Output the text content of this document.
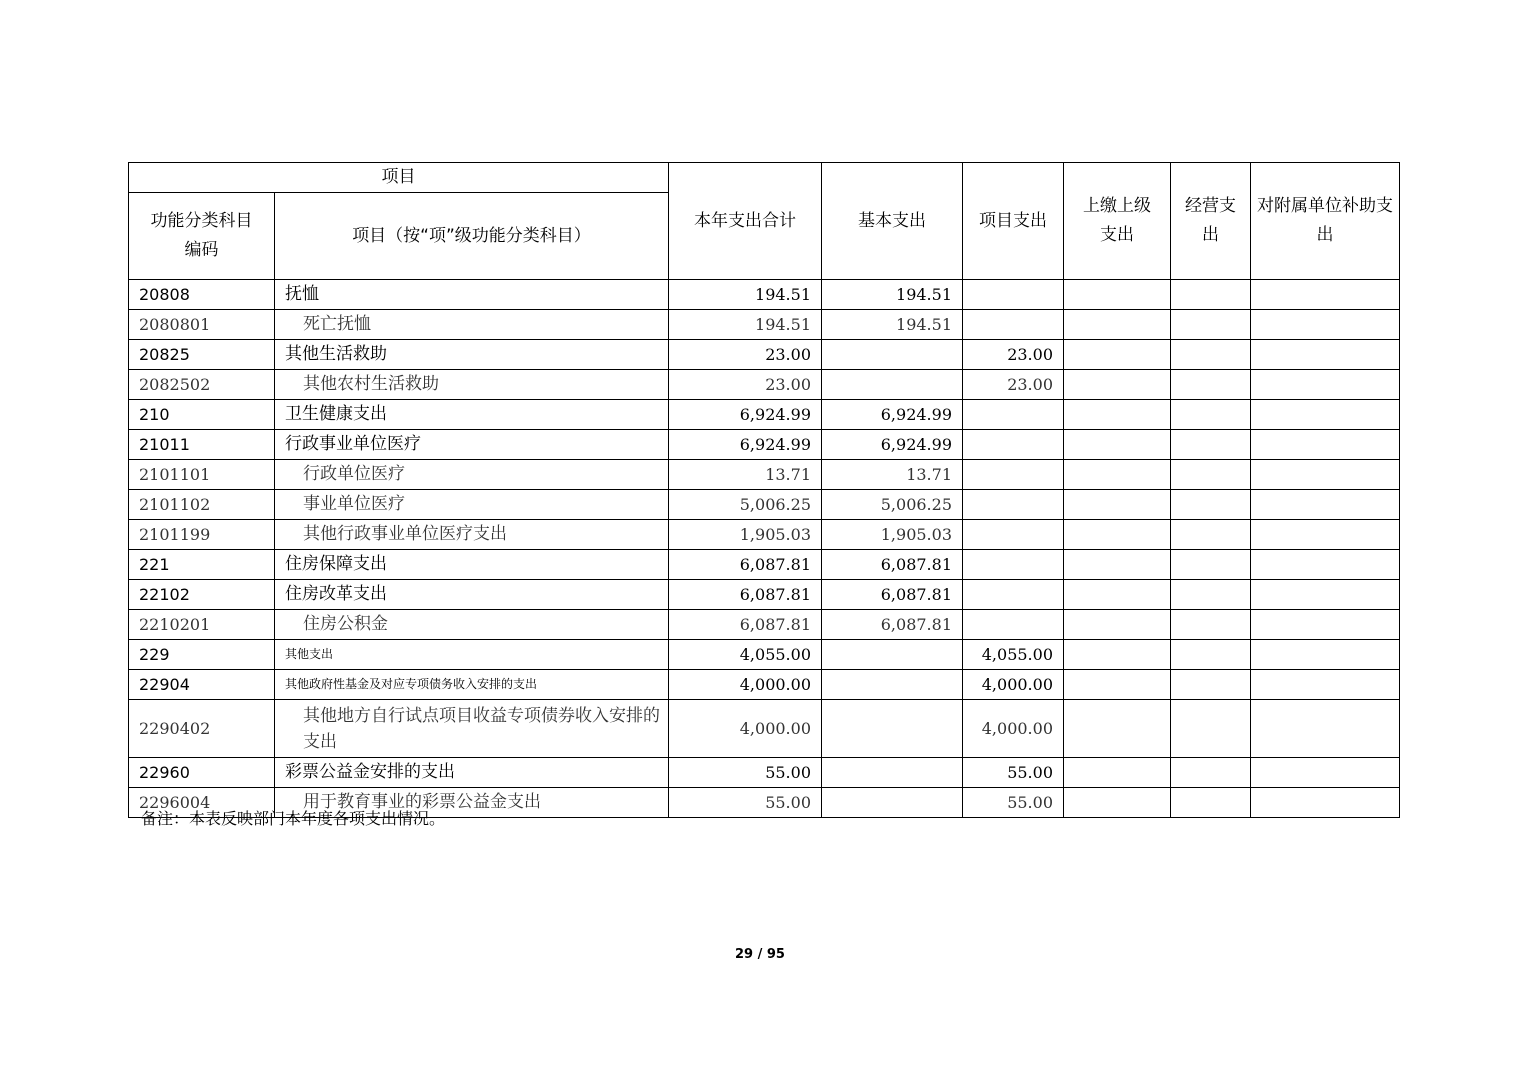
项目		本年支出合计	基本支出	项目支出	上缴上级支出	经营支出	对附属单位补助支出
功能分类科目编码	项目（按“项”级功能分类科目）						
20808	抚恤	194.51	194.51				
2080801	死亡抚恤	194.51	194.51				
20825	其他生活救助	23.00		23.00			
2082502	其他农村生活救助	23.00		23.00			
210	卫生健康支出	6,924.99	6,924.99				
21011	行政事业单位医疗	6,924.99	6,924.99				
2101101	行政单位医疗	13.71	13.71				
2101102	事业单位医疗	5,006.25	5,006.25				
2101199	其他行政事业单位医疗支出	1,905.03	1,905.03				
221	住房保障支出	6,087.81	6,087.81				
22102	住房改革支出	6,087.81	6,087.81				
2210201	住房公积金	6,087.81	6,087.81				
229	其他支出	4,055.00		4,055.00			
22904	其他政府性基金及对应专项债务收入安排的支出	4,000.00		4,000.00			
2290402	其他地方自行试点项目收益专项债券收入安排的支出	4,000.00		4,000.00			
22960	彩票公益金安排的支出	55.00		55.00			
2296004	用于教育事业的彩票公益金支出	55.00		55.00			
备注：本表反映部门本年度各项支出情况。
29 / 95
